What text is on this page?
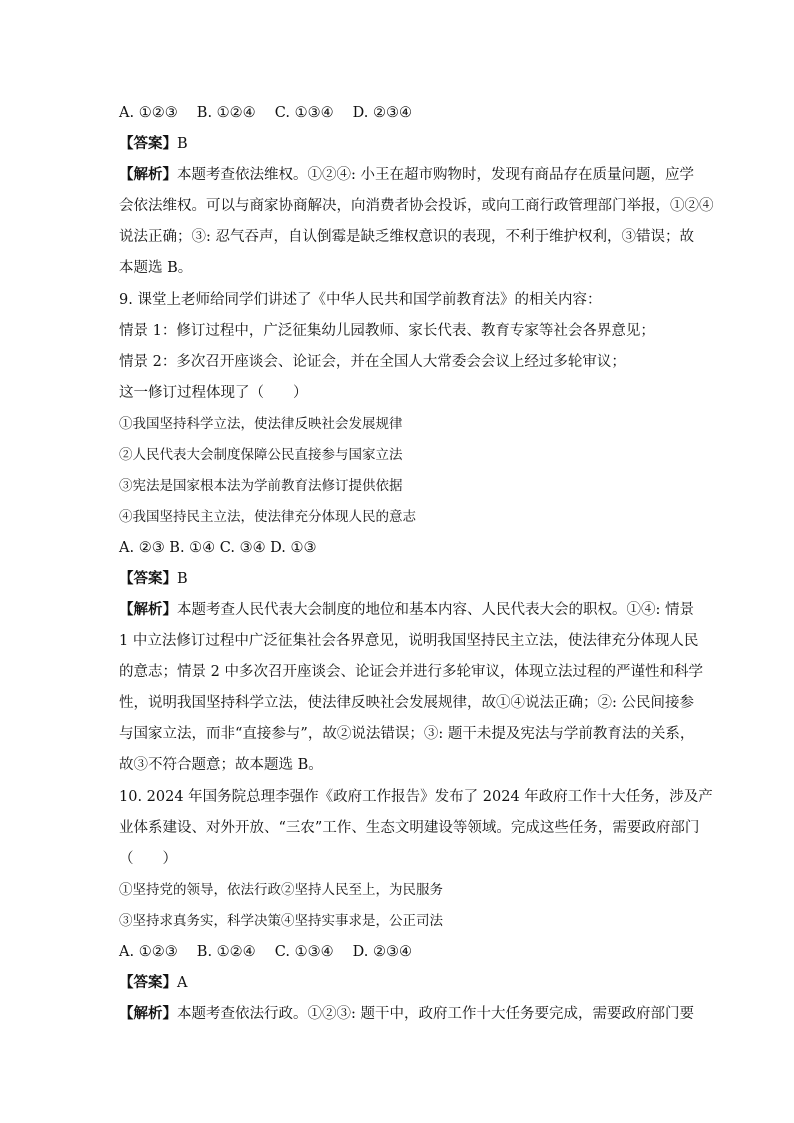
A. ①②③　 B. ①②④　 C. ①③④　 D. ②③④
【答案】B
【解析】本题考查依法维权。①②④: 小王在超市购物时，发现有商品存在质量问题，应学
会依法维权。可以与商家协商解决，向消费者协会投诉，或向工商行政管理部门举报，①②④
说法正确；③: 忍气吞声，自认倒霉是缺乏维权意识的表现，不利于维护权利，③错误；故
本题选 B。
9. 课堂上老师给同学们讲述了《中华人民共和国学前教育法》的相关内容：
情景 1：修订过程中，广泛征集幼儿园教师、家长代表、教育专家等社会各界意见；
情景 2：多次召开座谈会、论证会，并在全国人大常委会会议上经过多轮审议；
这一修订过程体现了（　　）
①我国坚持科学立法，使法律反映社会发展规律
②人民代表大会制度保障公民直接参与国家立法
③宪法是国家根本法为学前教育法修订提供依据
④我国坚持民主立法，使法律充分体现人民的意志
A. ②③ B. ①④ C. ③④ D. ①③
【答案】B
【解析】本题考查人民代表大会制度的地位和基本内容、人民代表大会的职权。①④: 情景
1 中立法修订过程中广泛征集社会各界意见，说明我国坚持民主立法，使法律充分体现人民
的意志；情景 2 中多次召开座谈会、论证会并进行多轮审议，体现立法过程的严谨性和科学
性，说明我国坚持科学立法，使法律反映社会发展规律，故①④说法正确；②: 公民间接参
与国家立法，而非“直接参与”，故②说法错误；③: 题干未提及宪法与学前教育法的关系，
故③不符合题意；故本题选 B。
10. 2024 年国务院总理李强作《政府工作报告》发布了 2024 年政府工作十大任务，涉及产
业体系建设、对外开放、“三农”工作、生态文明建设等领域。完成这些任务，需要政府部门
（　　）
①坚持党的领导，依法行政②坚持人民至上，为民服务
③坚持求真务实，科学决策④坚持实事求是，公正司法
A. ①②③　 B. ①②④　 C. ①③④　 D. ②③④
【答案】A
【解析】本题考查依法行政。①②③: 题干中，政府工作十大任务要完成，需要政府部门要
